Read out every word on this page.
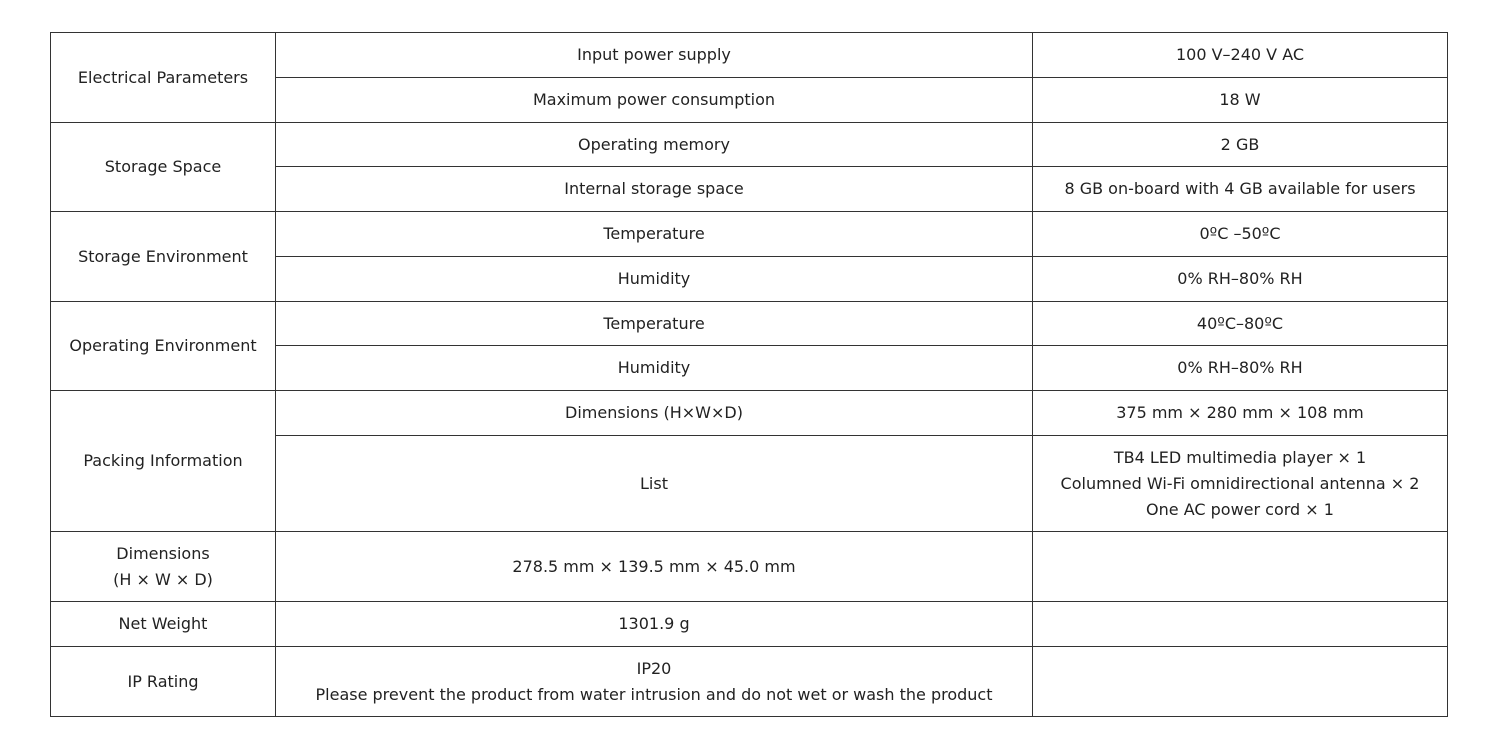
Electrical Parameters	Input power supply	100 V–240 V AC
	Maximum power consumption	18 W
Storage Space	Operating memory	2 GB
	Internal storage space	8 GB on-board with 4 GB available for users
Storage Environment	Temperature	0ºC –50ºC
	Humidity	0% RH–80% RH
Operating Environment	Temperature	40ºC–80ºC
	Humidity	0% RH–80% RH
Packing Information	Dimensions (H×W×D)	375 mm × 280 mm × 108 mm
	List	TB4 LED multimedia player × 1
Columned Wi-Fi omnidirectional antenna × 2
One AC power cord × 1

Dimensions
(H × W × D)	278.5 mm × 139.5 mm × 45.0 mm	
Net Weight	1301.9 g	
IP Rating	IP20
Please prevent the product from water intrusion and do not wet or wash the product	
